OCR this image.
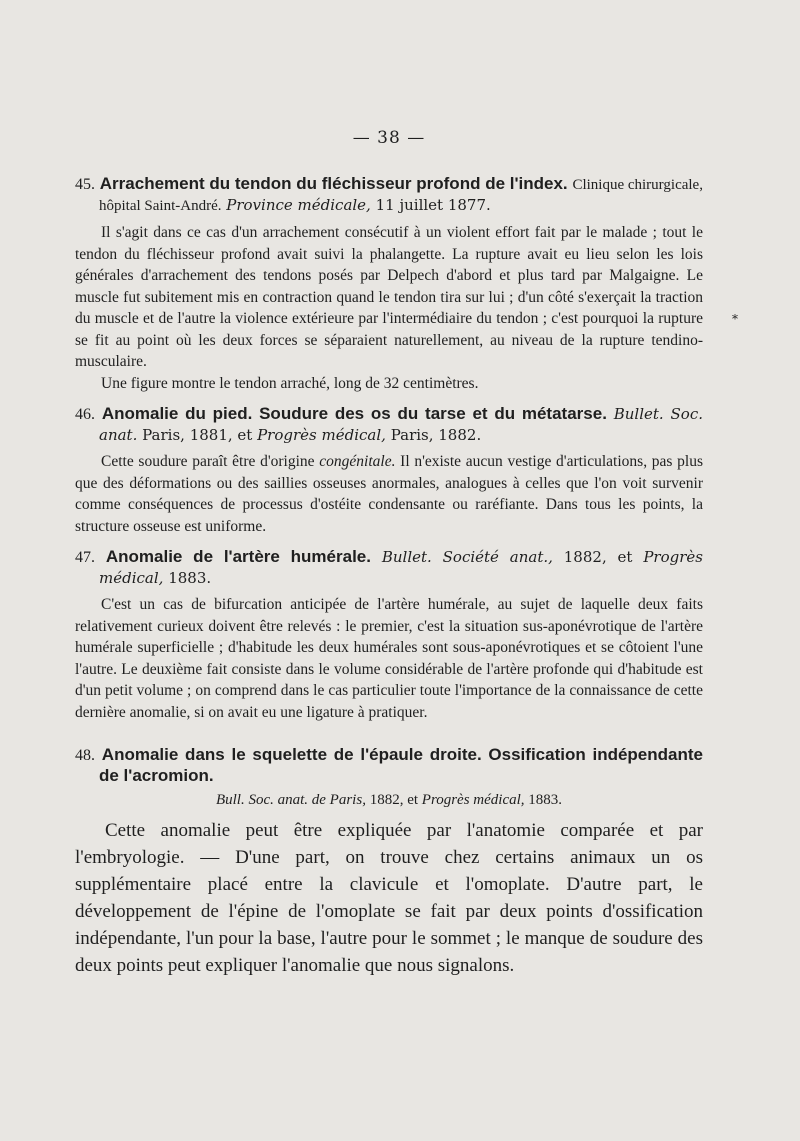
*
— 38 —
45. Arrachement du tendon du fléchisseur profond de l'index. Clinique chirurgicale, hôpital Saint-André. Province médicale, 11 juillet 1877.

Il s'agit dans ce cas d'un arrachement consécutif à un violent effort fait par le malade ; tout le tendon du fléchisseur profond avait suivi la phalangette. La rupture avait eu lieu selon les lois générales d'arrachement des tendons posés par Delpech d'abord et plus tard par Malgaigne. Le muscle fut subitement mis en contraction quand le tendon tira sur lui ; d'un côté s'exerçait la traction du muscle et de l'autre la violence extérieure par l'intermédiaire du tendon ; c'est pourquoi la rupture se fit au point où les deux forces se séparaient naturellement, au niveau de la rupture tendino-musculaire.

Une figure montre le tendon arraché, long de 32 centimètres.

46. Anomalie du pied. Soudure des os du tarse et du métatarse. Bullet. Soc. anat. Paris, 1881, et Progrès médical, Paris, 1882.

Cette soudure paraît être d'origine congénitale. Il n'existe aucun vestige d'articulations, pas plus que des déformations ou des saillies osseuses anormales, analogues à celles que l'on voit survenir comme conséquences de processus d'ostéite condensante ou raréfiante. Dans tous les points, la structure osseuse est uniforme.

47. Anomalie de l'artère humérale. Bullet. Société anat., 1882, et Progrès médical, 1883.

C'est un cas de bifurcation anticipée de l'artère humérale, au sujet de laquelle deux faits relativement curieux doivent être relevés : le premier, c'est la situation sus-aponévrotique de l'artère humérale superficielle ; d'habitude les deux humérales sont sous-aponévrotiques et se côtoient l'une l'autre. Le deuxième fait consiste dans le volume considérable de l'artère profonde qui d'habitude est d'un petit volume ; on comprend dans le cas particulier toute l'importance de la connaissance de cette dernière anomalie, si on avait eu une ligature à pratiquer.

48. Anomalie dans le squelette de l'épaule droite. Ossification indépendante de l'acromion.
Bull. Soc. anat. de Paris, 1882, et Progrès médical, 1883.

Cette anomalie peut être expliquée par l'anatomie comparée et par l'embryologie. — D'une part, on trouve chez certains animaux un os supplémentaire placé entre la clavicule et l'omoplate. D'autre part, le développement de l'épine de l'omoplate se fait par deux points d'ossification indépendante, l'un pour la base, l'autre pour le sommet ; le manque de soudure des deux points peut expliquer l'anomalie que nous signalons.
